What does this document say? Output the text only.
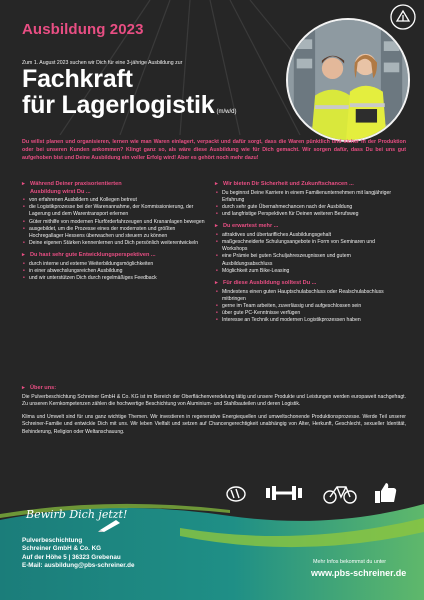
Ausbildung 2023
Zum 1. August 2023 suchen wir Dich für eine 3-jährige Ausbildung zur
Fachkraft
für Lagerlogistik (m/w/d)
Du willst planen und organisieren, lernen wie man Waren einlagert, verpackt und dafür sorgt, dass die Waren pünktlich und sicher in der Produktion oder bei unseren Kunden ankommen? Klingt ganz so, als wäre diese Ausbildung wie für Dich gemacht. Wir sorgen dafür, dass Du bei uns gut aufgehoben bist und Deine Ausbildung ein voller Erfolg wird! Aber es gehört noch mehr dazu!
▸ Während Deiner praxisorientierten
Ausbildung wirst Du ...
• von erfahrenen Ausbildern und Kollegen betreut
• die Logistikprozesse bei der Warenannahme, der Kommissionierung, der Lagerung und dem Warentransport erlernen
• Güter mithilfe von modernen Flurförderfahrzeugen und Krananlagen bewegen
• ausgebildet, um die Prozesse eines der modernsten und größten Hochregallager Hessens überwachen und steuern zu können
• Deine eigenen Stärken kennenlernen und Dich persönlich weiterentwickeln
▸ Du hast sehr gute Entwicklungsperspektiven ...
• durch interne und externe Weiterbildungsmöglichkeiten
• in einer abwechslungsreichen Ausbildung
• und wir unterstützen Dich durch regelmäßiges Feedback
▸ Wir bieten Dir Sicherheit und Zukunftschancen ...
• Du beginnst Deine Karriere in einem Familienunternehmen mit langjähriger Erfahrung
• durch sehr gute Übernahmechancen nach der Ausbildung
• und langfristige Perspektiven für Deinen weiteren Berufsweg
▸ Du erwartest mehr ...
• attraktives und übertarifliches Ausbildungsgehalt
• maßgeschneiderte Schulungsangebote in Form von Seminaren und Workshops
• eine Prämie bei guten Schuljahreszeugnissen und gutem Ausbildungsabschluss
• Möglichkeit zum Bike-Leasing
▸ Für diese Ausbildung solltest Du ...
• Mindestens einen guten Hauptschulabschluss oder Realschulabschluss mitbringen
• gerne im Team arbeiten, zuverlässig und aufgeschlossen sein
• über gute PC-Kenntnisse verfügen
• Interesse an Technik und modernen Logistikprozessen haben
▸ Über uns:

Die Pulverbeschichtung Schreiner GmbH & Co. KG ist im Bereich der Oberflächenveredelung tätig und unsere Produkte und Leistungen werden europaweit nachgefragt. Zu unseren Kernkompetenzen zählen die hochwertige Beschichtung von Aluminium- und Stahlbauteilen und deren Logistik.

Klima und Umwelt sind für uns ganz wichtige Themen. Wir investieren in regenerative Energiequellen und umweltschonende Produktionsprozesse. Werde Teil unserer Schreiner-Familie und entwickle Dich mit uns. Wir leben Vielfalt und setzen auf Chancengerechtigkeit unabhängig von Alter, Herkunft, Geschlecht, sexueller Identität, Behinderung, Religion oder Weltanschauung.

Bewirb Dich jetzt!
Pulverbeschichtung
Schreiner GmbH & Co. KG
Auf der Höhe 5 | 36323 Grebenau
E-Mail: ausbildung@pbs-schreiner.de
Mehr Infos bekommst du unter
www.pbs-schreiner.de
